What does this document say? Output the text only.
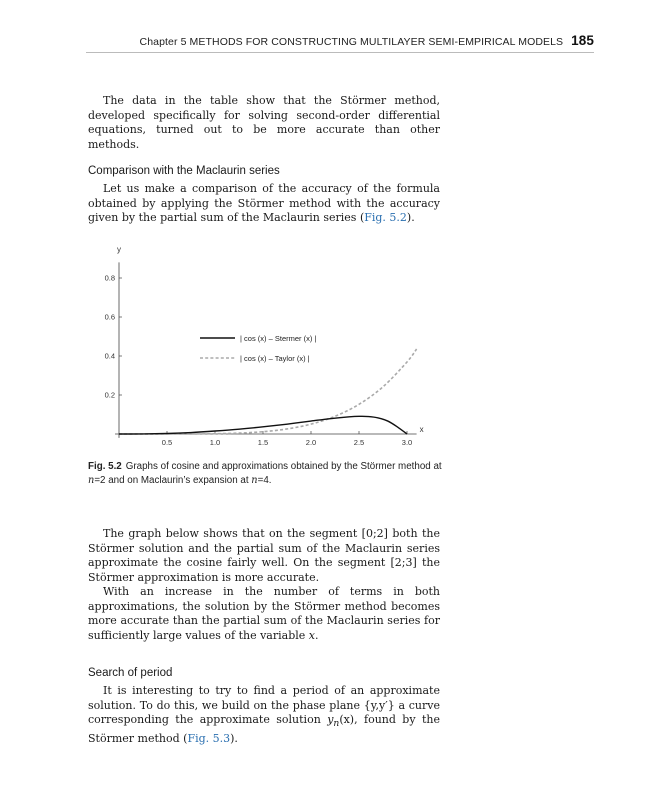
Chapter 5 METHODS FOR CONSTRUCTING MULTILAYER SEMI-EMPIRICAL MODELS 185

The data in the table show that the Störmer method, developed specifically for solving second-order differential equations, turned out to be more accurate than other methods.

Comparison with the Maclaurin series

Let us make a comparison of the accuracy of the formula obtained by applying the Störmer method with the accuracy given by the partial sum of the Maclaurin series (Fig. 5.2).

y
x
0.5	1.0	1.5	2.0	2.5	3.0
0.2
0.4
0.6
0.8
| cos (x) – Stermer (x) |
| cos (x) – Taylor (x) |

Fig. 5.2 Graphs of cosine and approximations obtained by the Störmer method at
n=2 and on Maclaurin’s expansion at n=4.

The graph below shows that on the segment [0;2] both the Störmer solution and the partial sum of the Maclaurin series approximate the cosine fairly well. On the segment [2;3] the Störmer approximation is more accurate.

With an increase in the number of terms in both approximations, the solution by the Störmer method becomes more accurate than the partial sum of the Maclaurin series for sufficiently large values of the variable x.

Search of period

It is interesting to try to find a period of an approximate solution. To do this, we build on the phase plane {y,y′} a curve corresponding the approximate solution $y_n(x)$, found by the Störmer method (Fig. 5.3).
